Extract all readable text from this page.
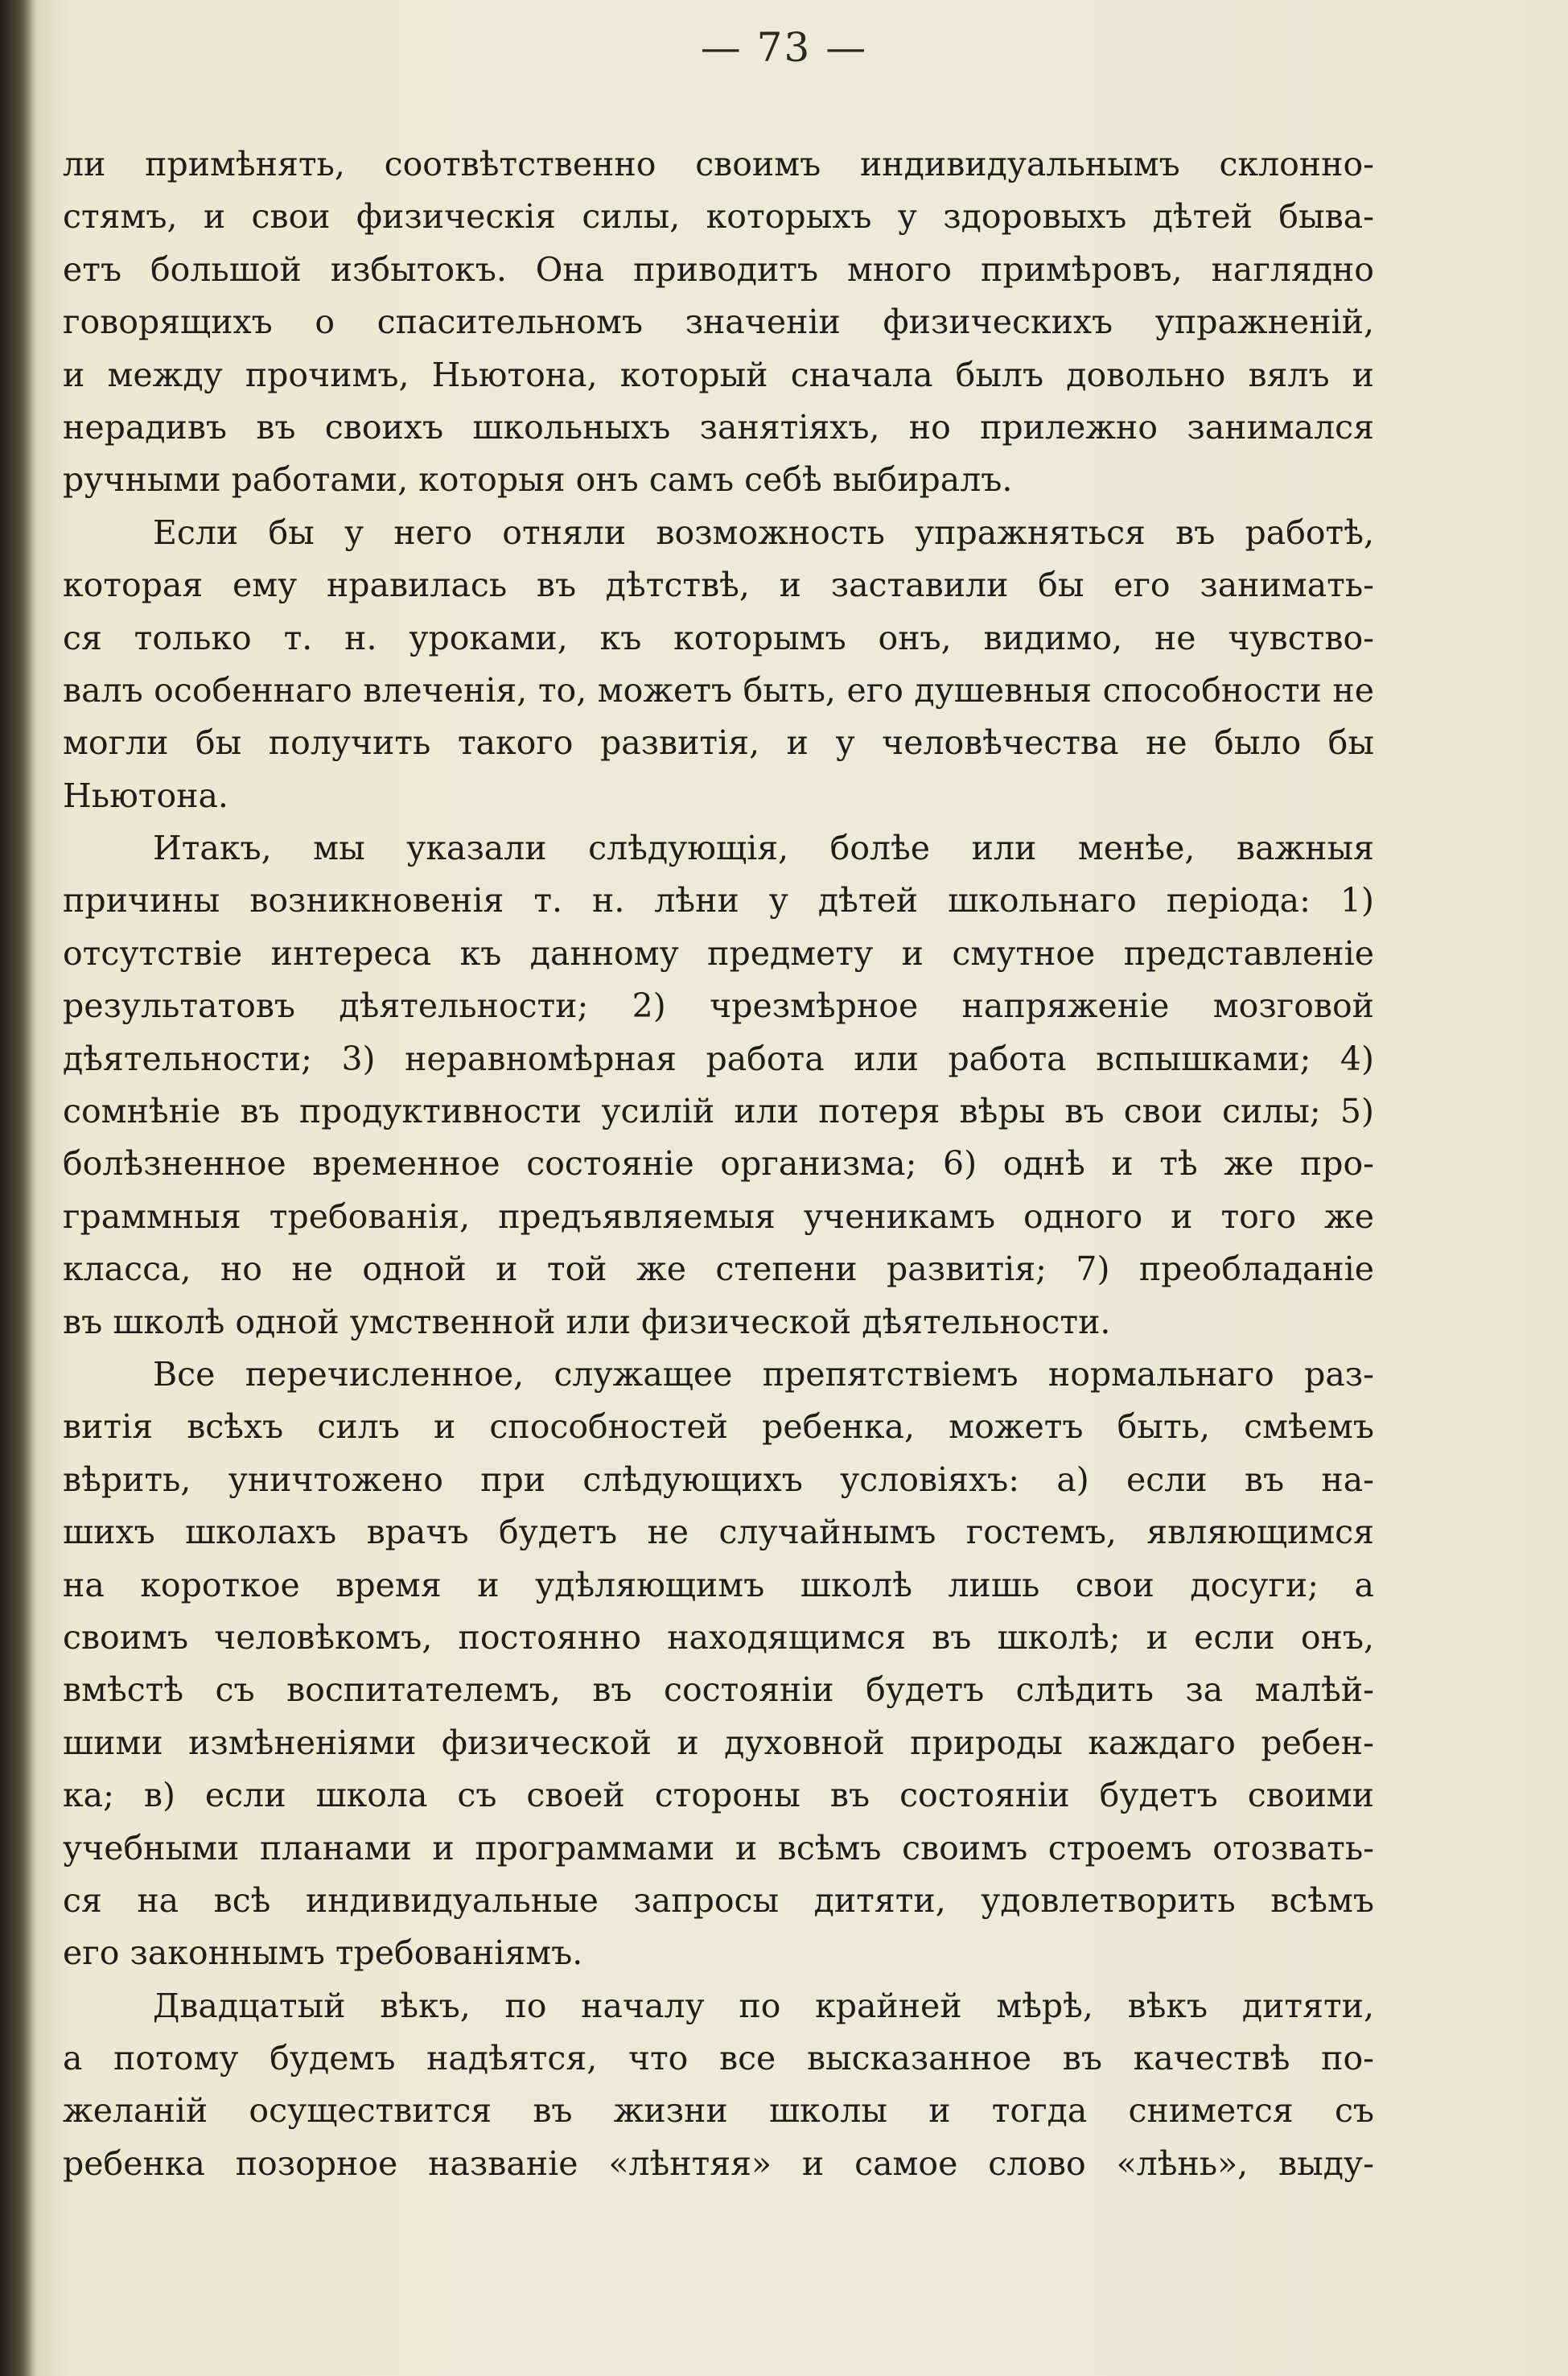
— 73 —
ли примѣнять, соотвѣтственно своимъ индивидуальнымъ склонно-
стямъ, и свои физическія силы, которыхъ у здоровыхъ дѣтей быва-
етъ большой избытокъ. Она приводитъ много примѣровъ, наглядно
говорящихъ о спасительномъ значеніи физическихъ упражненій,
и между прочимъ, Ньютона, который сначала былъ довольно вялъ и
нерадивъ въ своихъ школьныхъ занятіяхъ, но прилежно занимался
ручными работами, которыя онъ самъ себѣ выбиралъ.
Если бы у него отняли возможность упражняться въ работѣ,
которая ему нравилась въ дѣтствѣ, и заставили бы его занимать-
ся только т. н. уроками, къ которымъ онъ, видимо, не чувство-
валъ особеннаго влеченія, то, можетъ быть, его душевныя способности не
могли бы получить такого развитія, и у человѣчества не было бы
Ньютона.
Итакъ, мы указали слѣдующія, болѣе или менѣе, важныя
причины возникновенія т. н. лѣни у дѣтей школьнаго періода: 1)
отсутствіе интереса къ данному предмету и смутное представленіе
результатовъ дѣятельности; 2) чрезмѣрное напряженіе мозговой
дѣятельности; 3) неравномѣрная работа или работа вспышками; 4)
сомнѣніе въ продуктивности усилій или потеря вѣры въ свои силы; 5)
болѣзненное временное состояніе организма; 6) однѣ и тѣ же про-
граммныя требованія, предъявляемыя ученикамъ одного и того же
класса, но не одной и той же степени развитія; 7) преобладаніе
въ школѣ одной умственной или физической дѣятельности.
Все перечисленное, служащее препятствіемъ нормальнаго раз-
витія всѣхъ силъ и способностей ребенка, можетъ быть, смѣемъ
вѣрить, уничтожено при слѣдующихъ условіяхъ: а) если въ на-
шихъ школахъ врачъ будетъ не случайнымъ гостемъ, являющимся
на короткое время и удѣляющимъ школѣ лишь свои досуги; а
своимъ человѣкомъ, постоянно находящимся въ школѣ; и если онъ,
вмѣстѣ съ воспитателемъ, въ состояніи будетъ слѣдить за малѣй-
шими измѣненіями физической и духовной природы каждаго ребен-
ка; в) если школа съ своей стороны въ состояніи будетъ своими
учебными планами и программами и всѣмъ своимъ строемъ отозвать-
ся на всѣ индивидуальные запросы дитяти, удовлетворить всѣмъ
его законнымъ требованіямъ.
Двадцатый вѣкъ, по началу по крайней мѣрѣ, вѣкъ дитяти,
а потому будемъ надѣятся, что все высказанное въ качествѣ по-
желаній осуществится въ жизни школы и тогда снимется съ
ребенка позорное названіе «лѣнтяя» и самое слово «лѣнь», выду-
